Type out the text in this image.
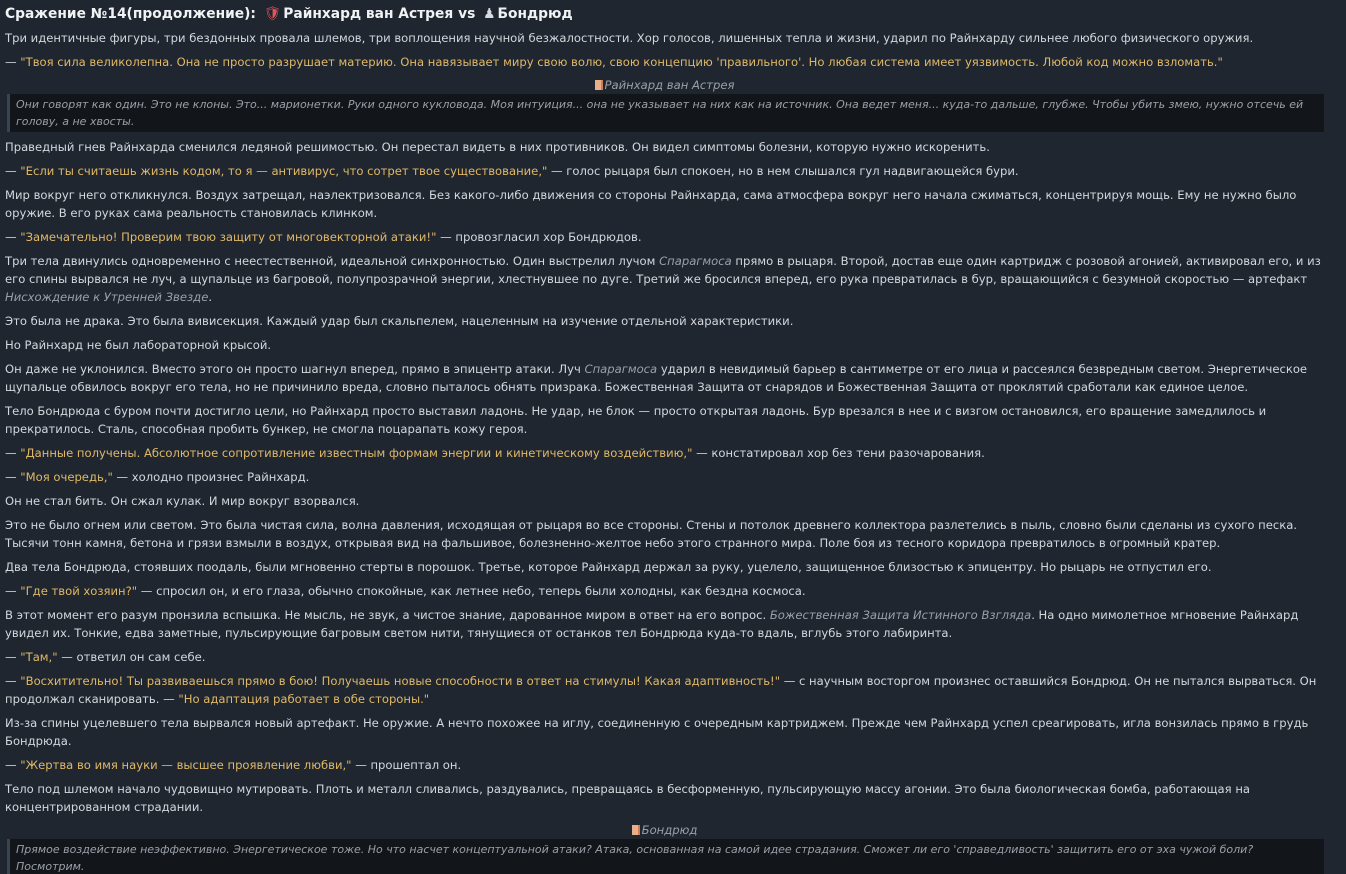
Сражение №14(продолжение): 🛡︎ Райнхард ван Астрея vs ♟︎ Бондрюд

Три идентичные фигуры, три бездонных провала шлемов, три воплощения научной безжалостности. Хор голосов, лишенных тепла и жизни, ударил по Райнхарду сильнее любого физического оружия.

— "Твоя сила великолепна. Она не просто разрушает материю. Она навязывает миру свою волю, свою концепцию 'правильного'. Но любая система имеет уязвимость. Любой код можно взломать."

Райнхард ван Астрея
Они говорят как один. Это не клоны. Это... марионетки. Руки одного кукловода. Моя интуиция... она не указывает на них как на источник. Она ведет меня... куда-то дальше, глубже. Чтобы убить змею, нужно отсечь ей голову, а не хвосты.

Праведный гнев Райнхарда сменился ледяной решимостью. Он перестал видеть в них противников. Он видел симптомы болезни, которую нужно искоренить.

— "Если ты считаешь жизнь кодом, то я — антивирус, что сотрет твое существование," — голос рыцаря был спокоен, но в нем слышался гул надвигающейся бури.

Мир вокруг него откликнулся. Воздух затрещал, наэлектризовался. Без какого-либо движения со стороны Райнхарда, сама атмосфера вокруг него начала сжиматься, концентрируя мощь. Ему не нужно было оружие. В его руках сама реальность становилась клинком.

— "Замечательно! Проверим твою защиту от многовекторной атаки!" — провозгласил хор Бондрюдов.

Три тела двинулись одновременно с неестественной, идеальной синхронностью. Один выстрелил лучом Спарагмоса прямо в рыцаря. Второй, достав еще один картридж с розовой агонией, активировал его, и из его спины вырвался не луч, а щупальце из багровой, полупрозрачной энергии, хлестнувшее по дуге. Третий же бросился вперед, его рука превратилась в бур, вращающийся с безумной скоростью — артефакт Нисхождение к Утренней Звезде.

Это была не драка. Это была вивисекция. Каждый удар был скальпелем, нацеленным на изучение отдельной характеристики.

Но Райнхард не был лабораторной крысой.

Он даже не уклонился. Вместо этого он просто шагнул вперед, прямо в эпицентр атаки. Луч Спарагмоса ударил в невидимый барьер в сантиметре от его лица и рассеялся безвредным светом. Энергетическое щупальце обвилось вокруг его тела, но не причинило вреда, словно пыталось обнять призрака. Божественная Защита от снарядов и Божественная Защита от проклятий сработали как единое целое.

Тело Бондрюда с буром почти достигло цели, но Райнхард просто выставил ладонь. Не удар, не блок — просто открытая ладонь. Бур врезался в нее и с визгом остановился, его вращение замедлилось и прекратилось. Сталь, способная пробить бункер, не смогла поцарапать кожу героя.

— "Данные получены. Абсолютное сопротивление известным формам энергии и кинетическому воздействию," — констатировал хор без тени разочарования.

— "Моя очередь," — холодно произнес Райнхард.

Он не стал бить. Он сжал кулак. И мир вокруг взорвался.

Это не было огнем или светом. Это была чистая сила, волна давления, исходящая от рыцаря во все стороны. Стены и потолок древнего коллектора разлетелись в пыль, словно были сделаны из сухого песка. Тысячи тонн камня, бетона и грязи взмыли в воздух, открывая вид на фальшивое, болезненно-желтое небо этого странного мира. Поле боя из тесного коридора превратилось в огромный кратер.

Два тела Бондрюда, стоявших поодаль, были мгновенно стерты в порошок. Третье, которое Райнхард держал за руку, уцелело, защищенное близостью к эпицентру. Но рыцарь не отпустил его.

— "Где твой хозяин?" — спросил он, и его глаза, обычно спокойные, как летнее небо, теперь были холодны, как бездна космоса.

В этот момент его разум пронзила вспышка. Не мысль, не звук, а чистое знание, дарованное миром в ответ на его вопрос. Божественная Защита Истинного Взгляда. На одно мимолетное мгновение Райнхард увидел их. Тонкие, едва заметные, пульсирующие багровым светом нити, тянущиеся от останков тел Бондрюда куда-то вдаль, вглубь этого лабиринта.

— "Там," — ответил он сам себе.

— "Восхитительно! Ты развиваешься прямо в бою! Получаешь новые способности в ответ на стимулы! Какая адаптивность!" — с научным восторгом произнес оставшийся Бондрюд. Он не пытался вырваться. Он продолжал сканировать. — "Но адаптация работает в обе стороны."

Из-за спины уцелевшего тела вырвался новый артефакт. Не оружие. А нечто похожее на иглу, соединенную с очередным картриджем. Прежде чем Райнхард успел среагировать, игла вонзилась прямо в грудь Бондрюда.

— "Жертва во имя науки — высшее проявление любви," — прошептал он.

Тело под шлемом начало чудовищно мутировать. Плоть и металл сливались, раздувались, превращаясь в бесформенную, пульсирующую массу агонии. Это была биологическая бомба, работающая на концентрированном страдании.

Бондрюд
Прямое воздействие неэффективно. Энергетическое тоже. Но что насчет концептуальной атаки? Атака, основанная на самой идее страдания. Сможет ли его 'справедливость' защитить его от эха чужой боли? Посмотрим.
